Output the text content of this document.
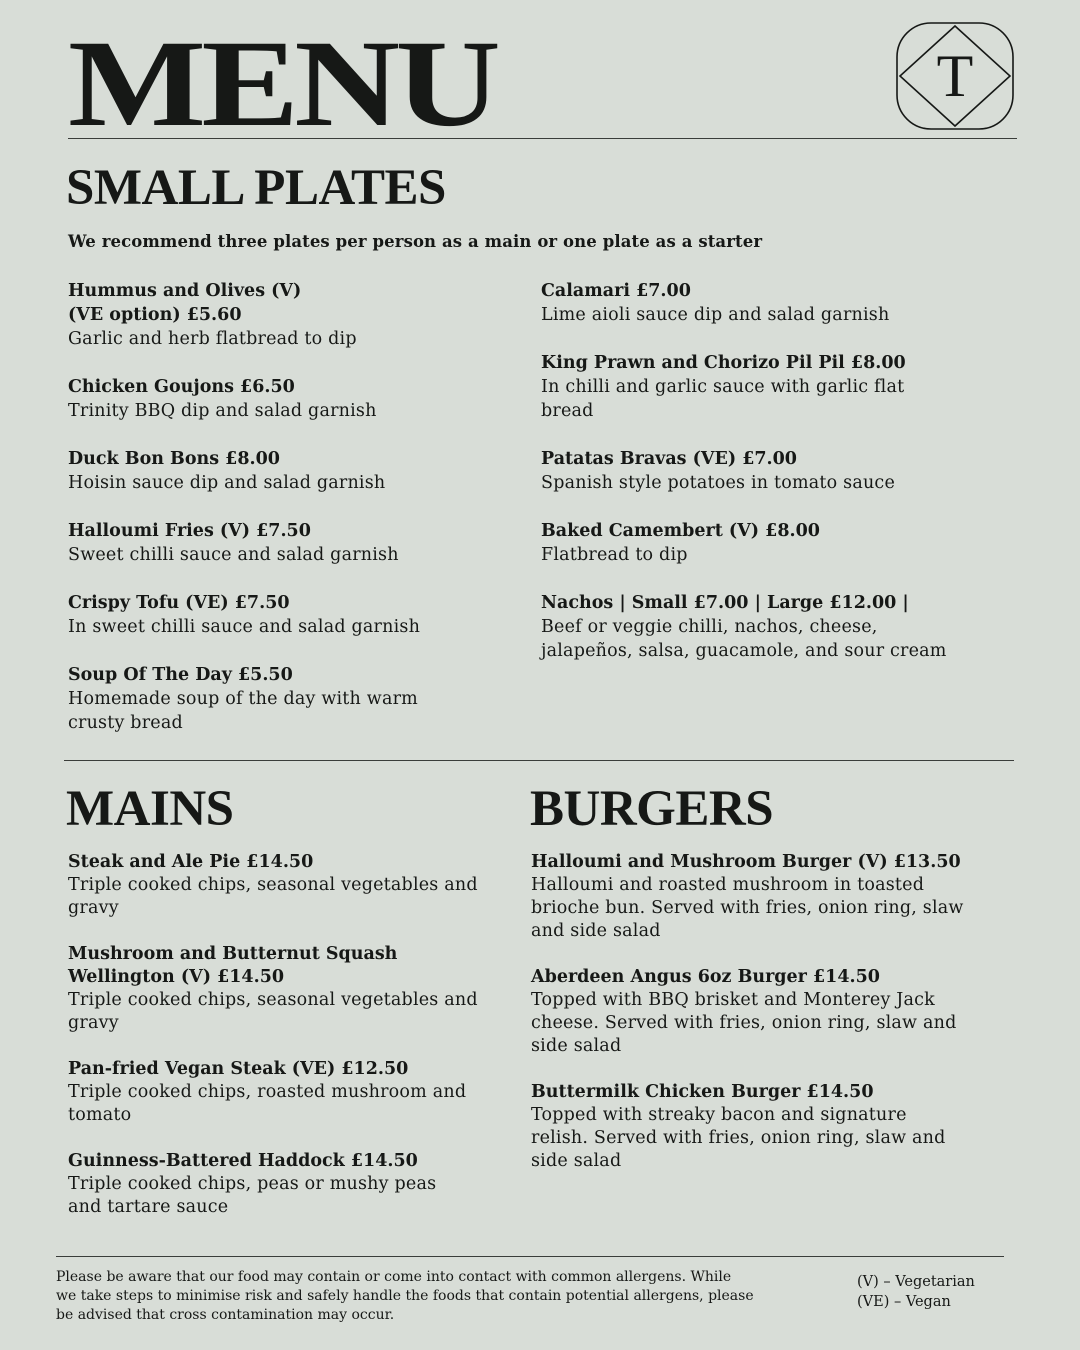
MENU	T
SMALL PLATES

We recommend three plates per person as a main or one plate as a starter

Hummus and Olives (V)
(VE option) £5.60
Garlic and herb flatbread to dip
Chicken Goujons £6.50
Trinity BBQ dip and salad garnish
Duck Bon Bons £8.00
Hoisin sauce dip and salad garnish
Halloumi Fries (V) £7.50
Sweet chilli sauce and salad garnish
Crispy Tofu (VE) £7.50
In sweet chilli sauce and salad garnish
Soup Of The Day £5.50
Homemade soup of the day with warm
crusty bread
Calamari £7.00
Lime aioli sauce dip and salad garnish
King Prawn and Chorizo Pil Pil £8.00
In chilli and garlic sauce with garlic flat
bread
Patatas Bravas (VE) £7.00
Spanish style potatoes in tomato sauce
Baked Camembert (V) £8.00
Flatbread to dip
Nachos | Small £7.00 | Large £12.00 |
Beef or veggie chilli, nachos, cheese,
jalapeños, salsa, guacamole, and sour cream
MAINS	BURGERS
Steak and Ale Pie £14.50
Triple cooked chips, seasonal vegetables and
gravy
Mushroom and Butternut Squash
Wellington (V) £14.50
Triple cooked chips, seasonal vegetables and
gravy
Pan-fried Vegan Steak (VE) £12.50
Triple cooked chips, roasted mushroom and
tomato
Guinness-Battered Haddock £14.50
Triple cooked chips, peas or mushy peas
and tartare sauce
Halloumi and Mushroom Burger (V) £13.50
Halloumi and roasted mushroom in toasted
brioche bun. Served with fries, onion ring, slaw
and side salad
Aberdeen Angus 6oz Burger £14.50
Topped with BBQ brisket and Monterey Jack
cheese. Served with fries, onion ring, slaw and
side salad
Buttermilk Chicken Burger £14.50
Topped with streaky bacon and signature
relish. Served with fries, onion ring, slaw and
side salad
Please be aware that our food may contain or come into contact with common allergens. While
we take steps to minimise risk and safely handle the foods that contain potential allergens, please
be advised that cross contamination may occur.
(V) – Vegetarian
(VE) – Vegan
